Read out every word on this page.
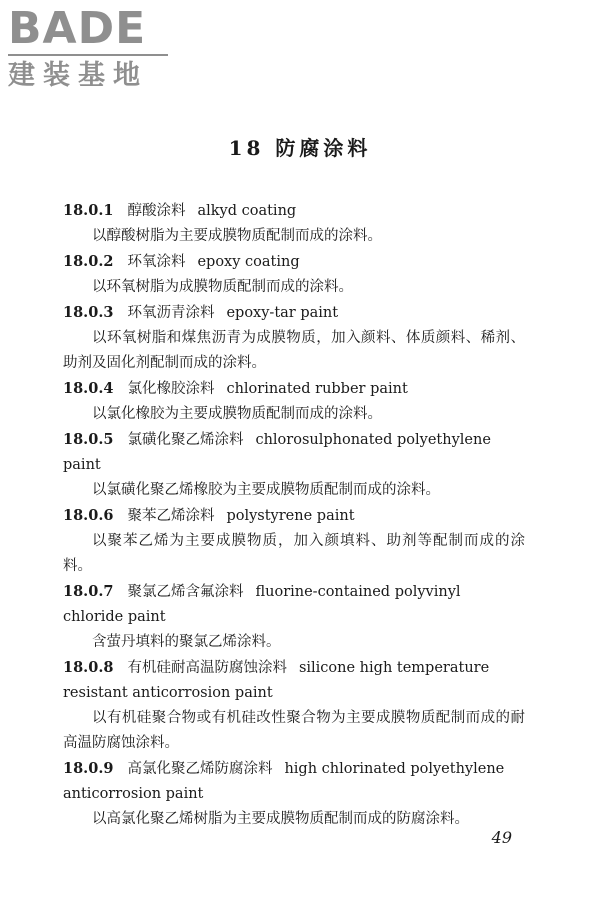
BADE
建装基地
18 防腐涂料
18.0.1 醇酸涂料 alkyd coating
以醇酸树脂为主要成膜物质配制而成的涂料。
18.0.2 环氧涂料 epoxy coating
以环氧树脂为成膜物质配制而成的涂料。
18.0.3 环氧沥青涂料 epoxy-tar paint
以环氧树脂和煤焦沥青为成膜物质，加入颜料、体质颜料、稀剂、助剂及固化剂配制而成的涂料。
18.0.4 氯化橡胶涂料 chlorinated rubber paint
以氯化橡胶为主要成膜物质配制而成的涂料。
18.0.5 氯磺化聚乙烯涂料 chlorosulphonated polyethylene paint
以氯磺化聚乙烯橡胶为主要成膜物质配制而成的涂料。
18.0.6 聚苯乙烯涂料 polystyrene paint
以聚苯乙烯为主要成膜物质，加入颜填料、助剂等配制而成的涂料。
18.0.7 聚氯乙烯含氟涂料 fluorine-contained polyvinyl chloride paint
含萤丹填料的聚氯乙烯涂料。
18.0.8 有机硅耐高温防腐蚀涂料 silicone high temperature resistant anticorrosion paint
以有机硅聚合物或有机硅改性聚合物为主要成膜物质配制而成的耐高温防腐蚀涂料。
18.0.9 高氯化聚乙烯防腐涂料 high chlorinated polyethylene anticorrosion paint
以高氯化聚乙烯树脂为主要成膜物质配制而成的防腐涂料。
49
